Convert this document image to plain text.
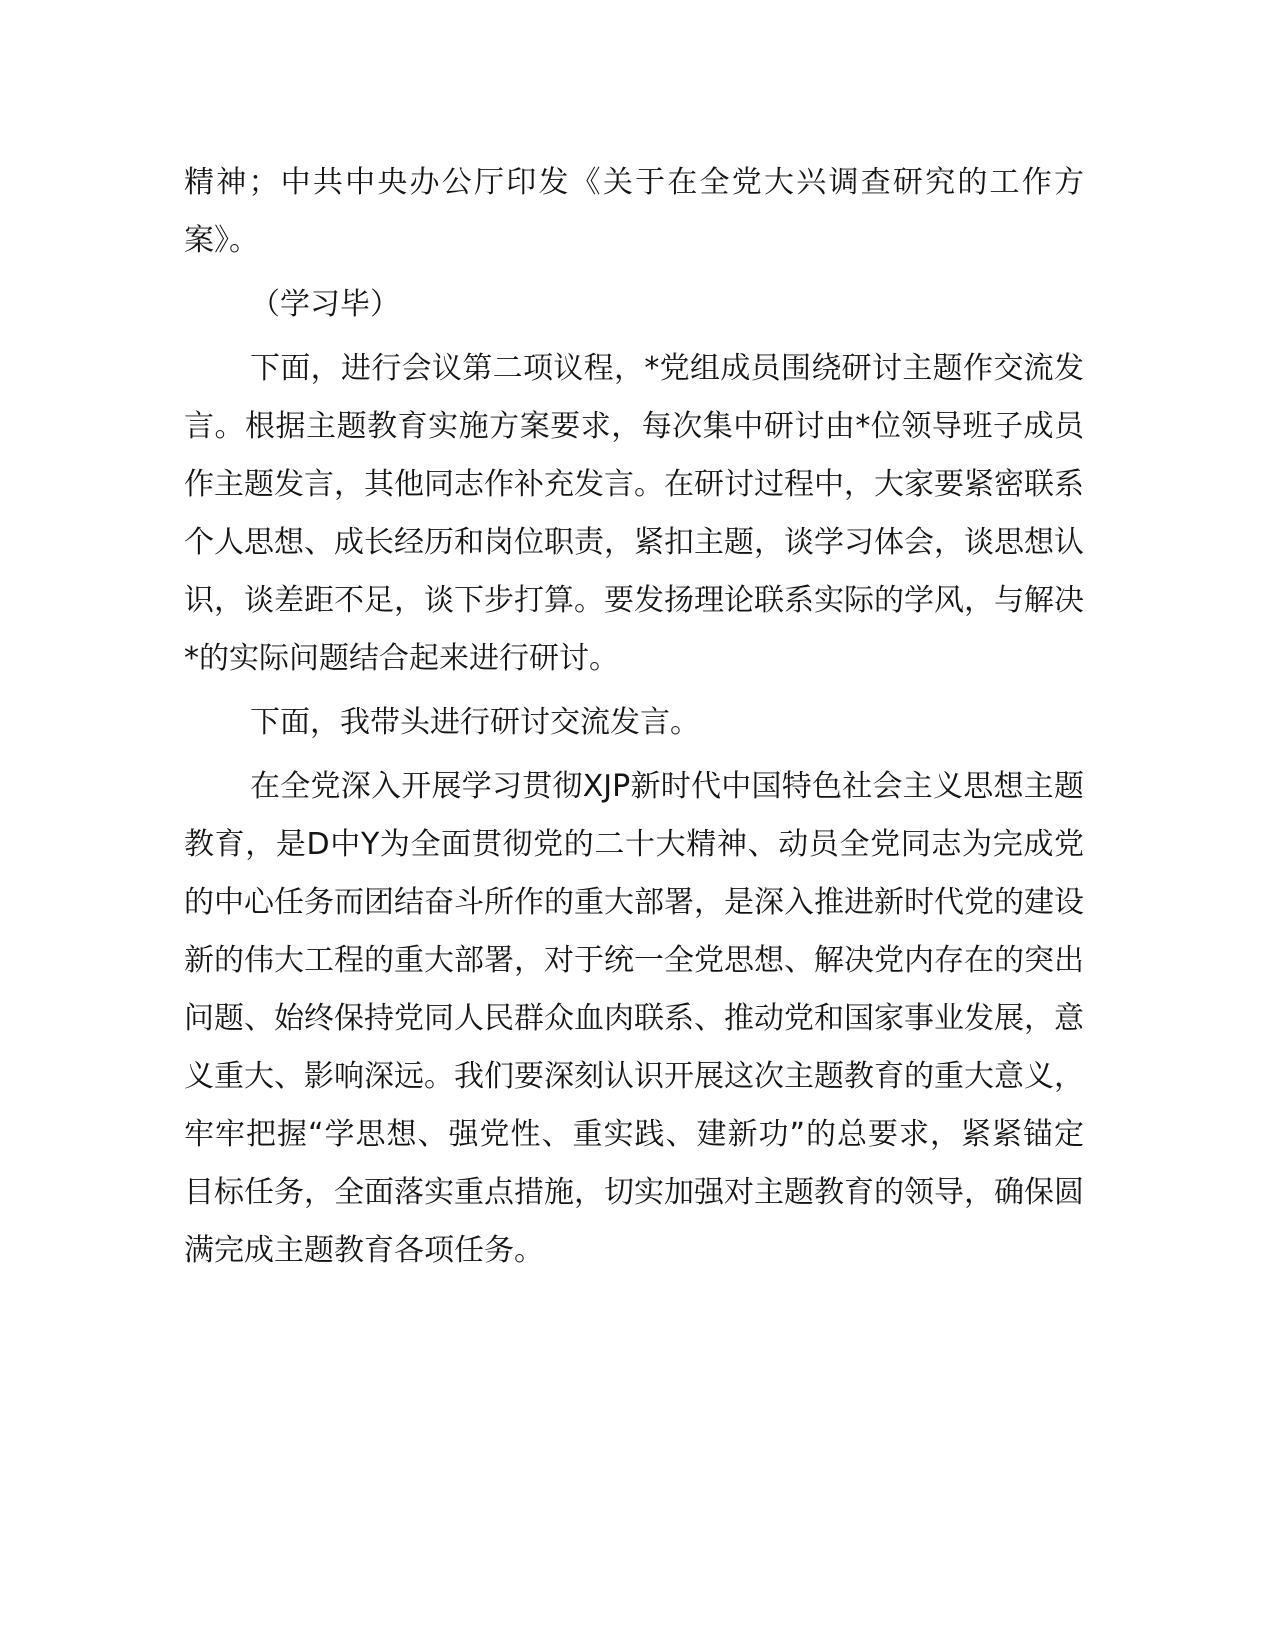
精神；中共中央办公厅印发《关于在全党大兴调查研究的工作方案》。

（学习毕）

下面，进行会议第二项议程，*党组成员围绕研讨主题作交流发言。根据主题教育实施方案要求，每次集中研讨由*位领导班子成员作主题发言，其他同志作补充发言。在研讨过程中，大家要紧密联系个人思想、成长经历和岗位职责，紧扣主题，谈学习体会，谈思想认识，谈差距不足，谈下步打算。要发扬理论联系实际的学风，与解决*的实际问题结合起来进行研讨。

下面，我带头进行研讨交流发言。

在全党深入开展学习贯彻XJP新时代中国特色社会主义思想主题教育，是D中Y为全面贯彻党的二十大精神、动员全党同志为完成党的中心任务而团结奋斗所作的重大部署，是深入推进新时代党的建设新的伟大工程的重大部署，对于统一全党思想、解决党内存在的突出问题、始终保持党同人民群众血肉联系、推动党和国家事业发展，意义重大、影响深远。我们要深刻认识开展这次主题教育的重大意义，牢牢把握“学思想、强党性、重实践、建新功”的总要求，紧紧锚定目标任务，全面落实重点措施，切实加强对主题教育的领导，确保圆满完成主题教育各项任务。
